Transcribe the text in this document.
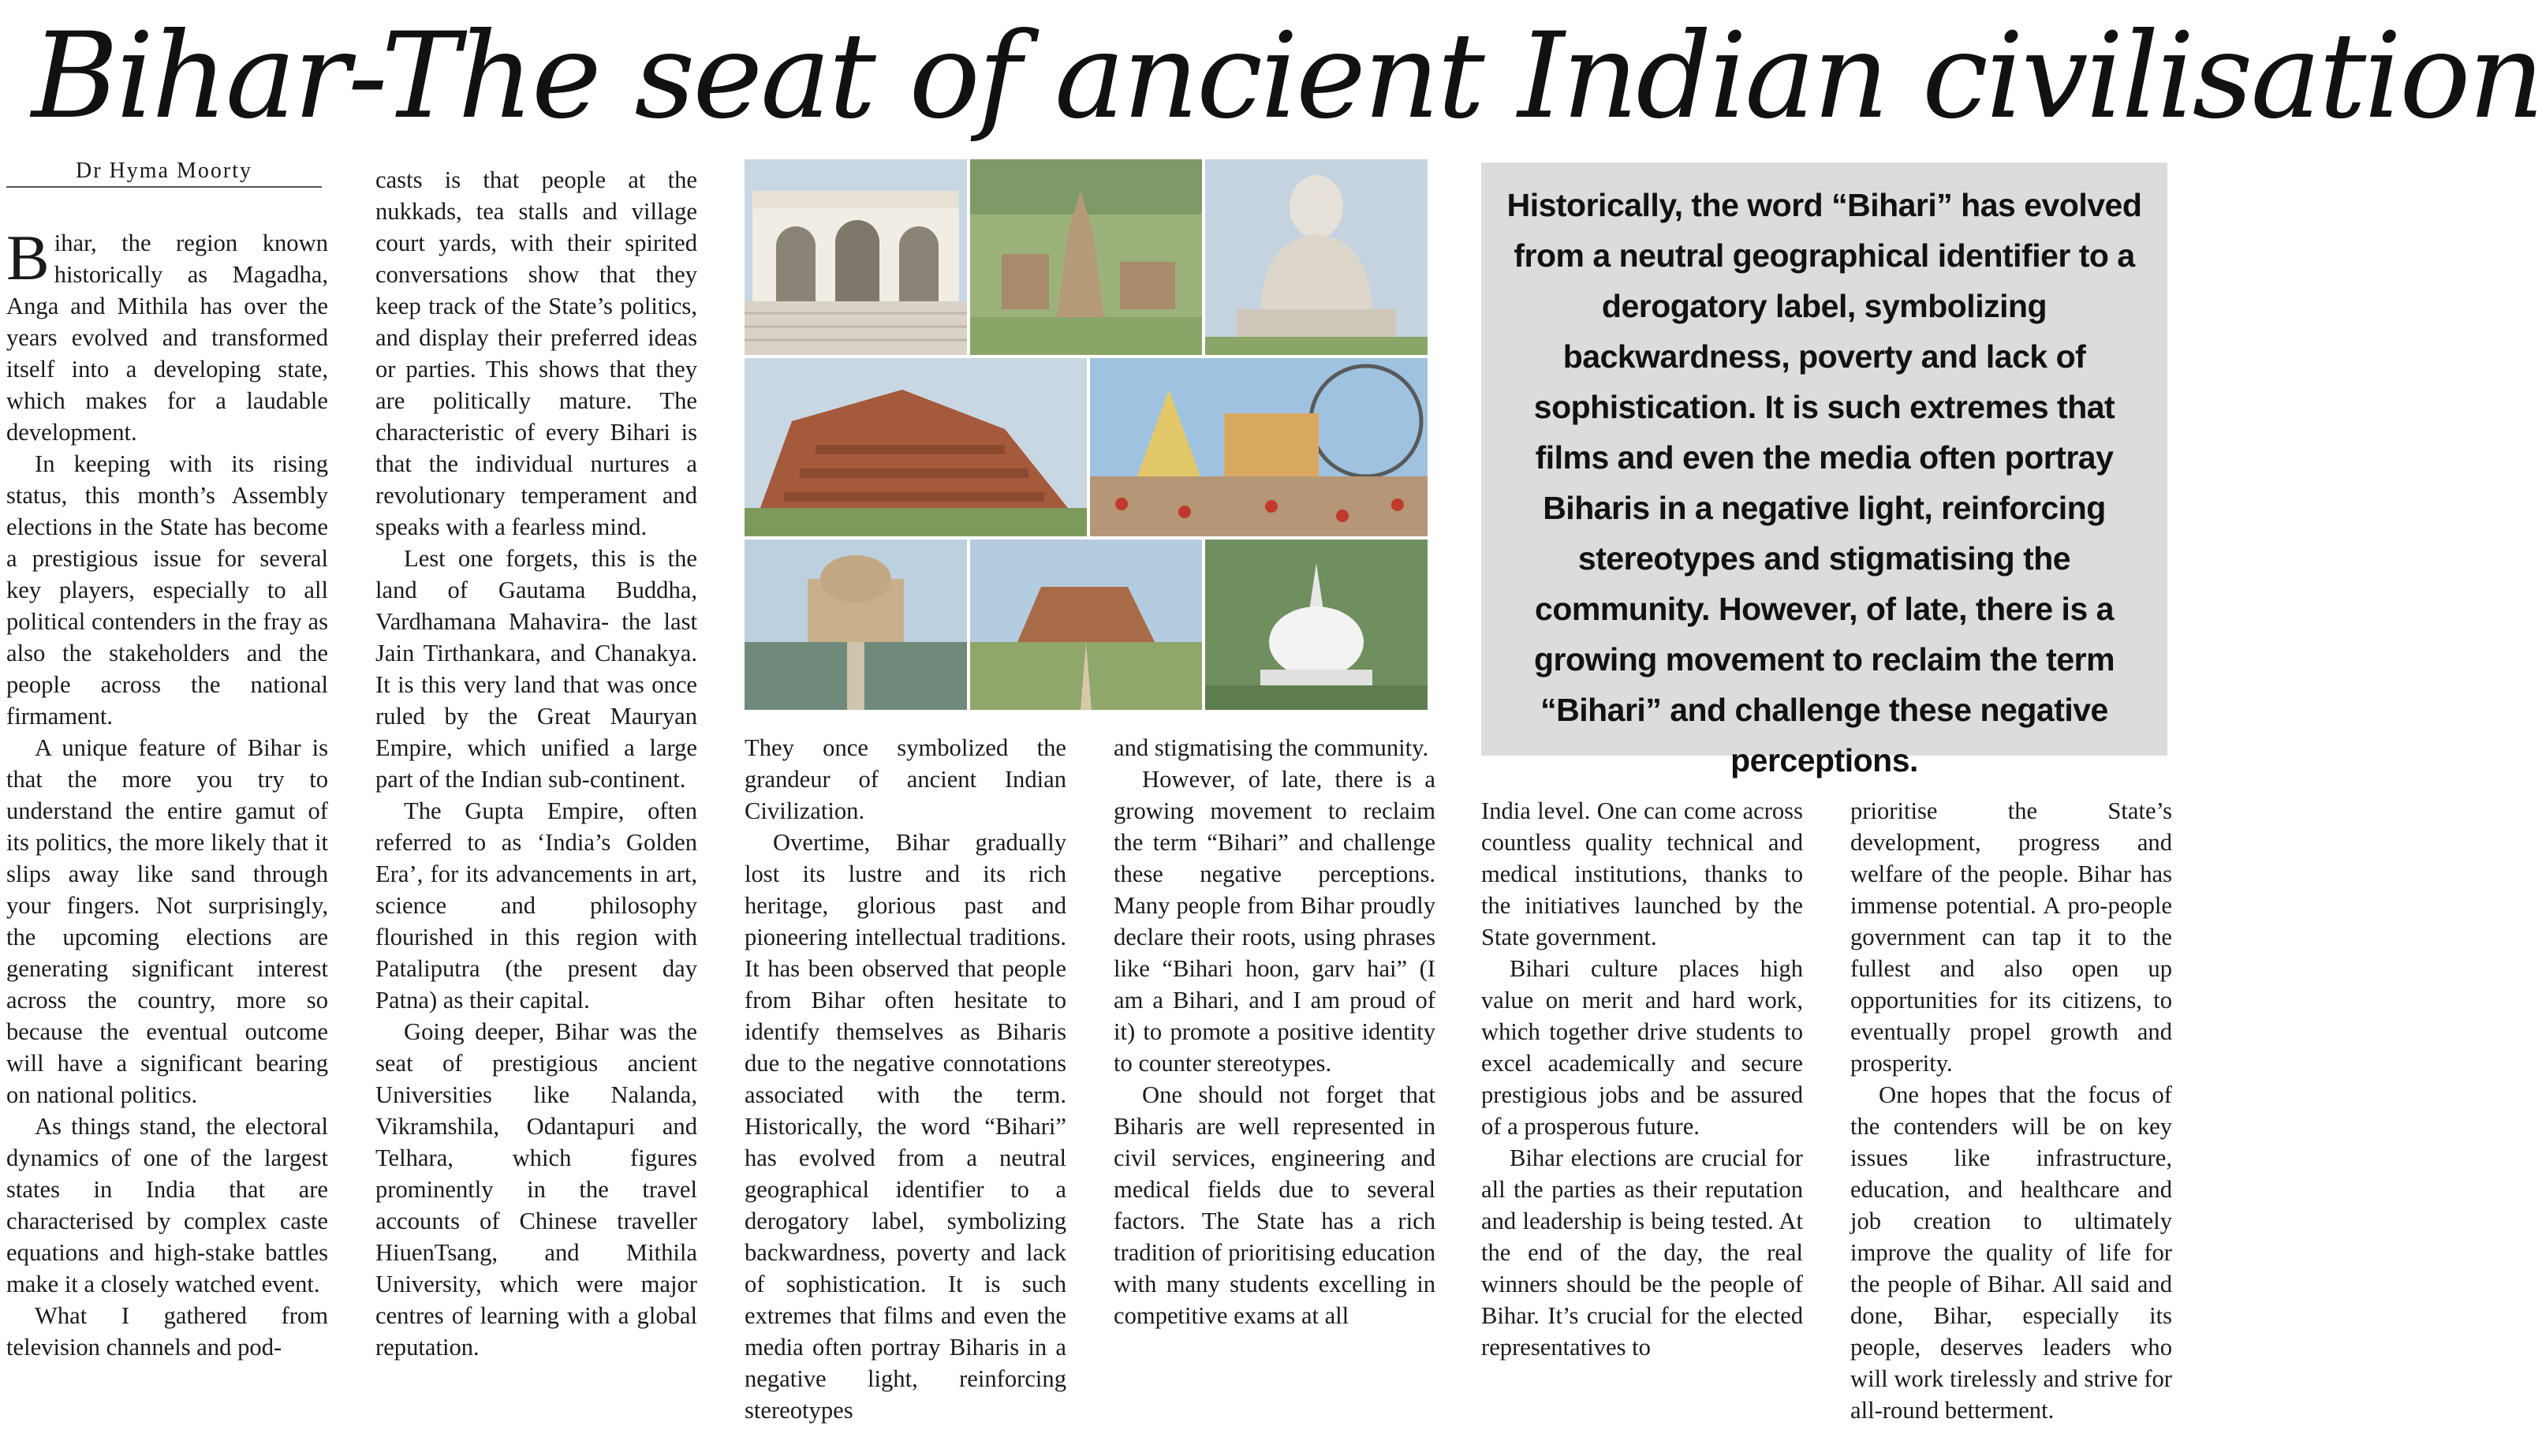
Bihar-The seat of ancient Indian civilisation
Dr Hyma Moorty

Bihar, the region known historically as Magadha, Anga and Mithila has over the years evolved and transformed itself into a developing state, which makes for a laudable development.

In keeping with its rising status, this month’s Assembly elections in the State has become a prestigious issue for several key players, especially to all political contenders in the fray as also the stakeholders and the people across the national firmament.

A unique feature of Bihar is that the more you try to understand the entire gamut of its politics, the more likely that it slips away like sand through your fingers. Not surprisingly, the upcoming elections are generating significant interest across the country, more so because the eventual outcome will have a significant bearing on national politics.

As things stand, the electoral dynamics of one of the largest states in India that are characterised by complex caste equations and high-stake battles make it a closely watched event.

What I gathered from television channels and pod-

casts is that people at the nukkads, tea stalls and village court yards, with their spirited conversations show that they keep track of the State’s politics, and display their preferred ideas or parties. This shows that they are politically mature. The characteristic of every Bihari is that the individual nurtures a revolutionary temperament and speaks with a fearless mind.

Lest one forgets, this is the land of Gautama Buddha, Vardhamana Mahavira- the last Jain Tirthankara, and Chanakya. It is this very land that was once ruled by the Great Mauryan Empire, which unified a large part of the Indian sub-continent.

The Gupta Empire, often referred to as ‘India’s Golden Era’, for its advancements in art, science and philosophy flourished in this region with Pataliputra (the present day Patna) as their capital.

Going deeper, Bihar was the seat of prestigious ancient Universities like Nalanda, Vikramshila, Odantapuri and Telhara, which figures prominently in the travel accounts of Chinese traveller HiuenTsang, and Mithila University, which were major centres of learning with a global reputation.

Historically, the word “Bihari” has evolved from a neutral geographical identifier to a derogatory label, symbolizing backwardness, poverty and lack of sophistication. It is such extremes that films and even the media often portray Biharis in a negative light, reinforcing stereotypes and stigmatising the community. However, of late, there is a growing movement to reclaim the term “Bihari” and challenge these negative perceptions.

They once symbolized the grandeur of ancient Indian Civilization.

Overtime, Bihar gradually lost its lustre and its rich heritage, glorious past and pioneering intellectual traditions. It has been observed that people from Bihar often hesitate to identify themselves as Biharis due to the negative connotations associated with the term. Historically, the word “Bihari” has evolved from a neutral geographical identifier to a derogatory label, symbolizing backwardness, poverty and lack of sophistication. It is such extremes that films and even the media often portray Biharis in a negative light, reinforcing stereotypes

and stigmatising the community.

However, of late, there is a growing movement to reclaim the term “Bihari” and challenge these negative perceptions. Many people from Bihar proudly declare their roots, using phrases like “Bihari hoon, garv hai” (I am a Bihari, and I am proud of it) to promote a positive identity to counter stereotypes.

One should not forget that Biharis are well represented in civil services, engineering and medical fields due to several factors. The State has a rich tradition of prioritising education with many students excelling in competitive exams at all

India level. One can come across countless quality technical and medical institutions, thanks to the initiatives launched by the State government.

Bihari culture places high value on merit and hard work, which together drive students to excel academically and secure prestigious jobs and be assured of a prosperous future.

Bihar elections are crucial for all the parties as their reputation and leadership is being tested. At the end of the day, the real winners should be the people of Bihar. It’s crucial for the elected representatives to

prioritise the State’s development, progress and welfare of the people. Bihar has immense potential. A pro-people government can tap it to the fullest and also open up opportunities for its citizens, to eventually propel growth and prosperity.

One hopes that the focus of the contenders will be on key issues like infrastructure, education, and healthcare and job creation to ultimately improve the quality of life for the people of Bihar. All said and done, Bihar, especially its people, deserves leaders who will work tirelessly and strive for all-round betterment.
